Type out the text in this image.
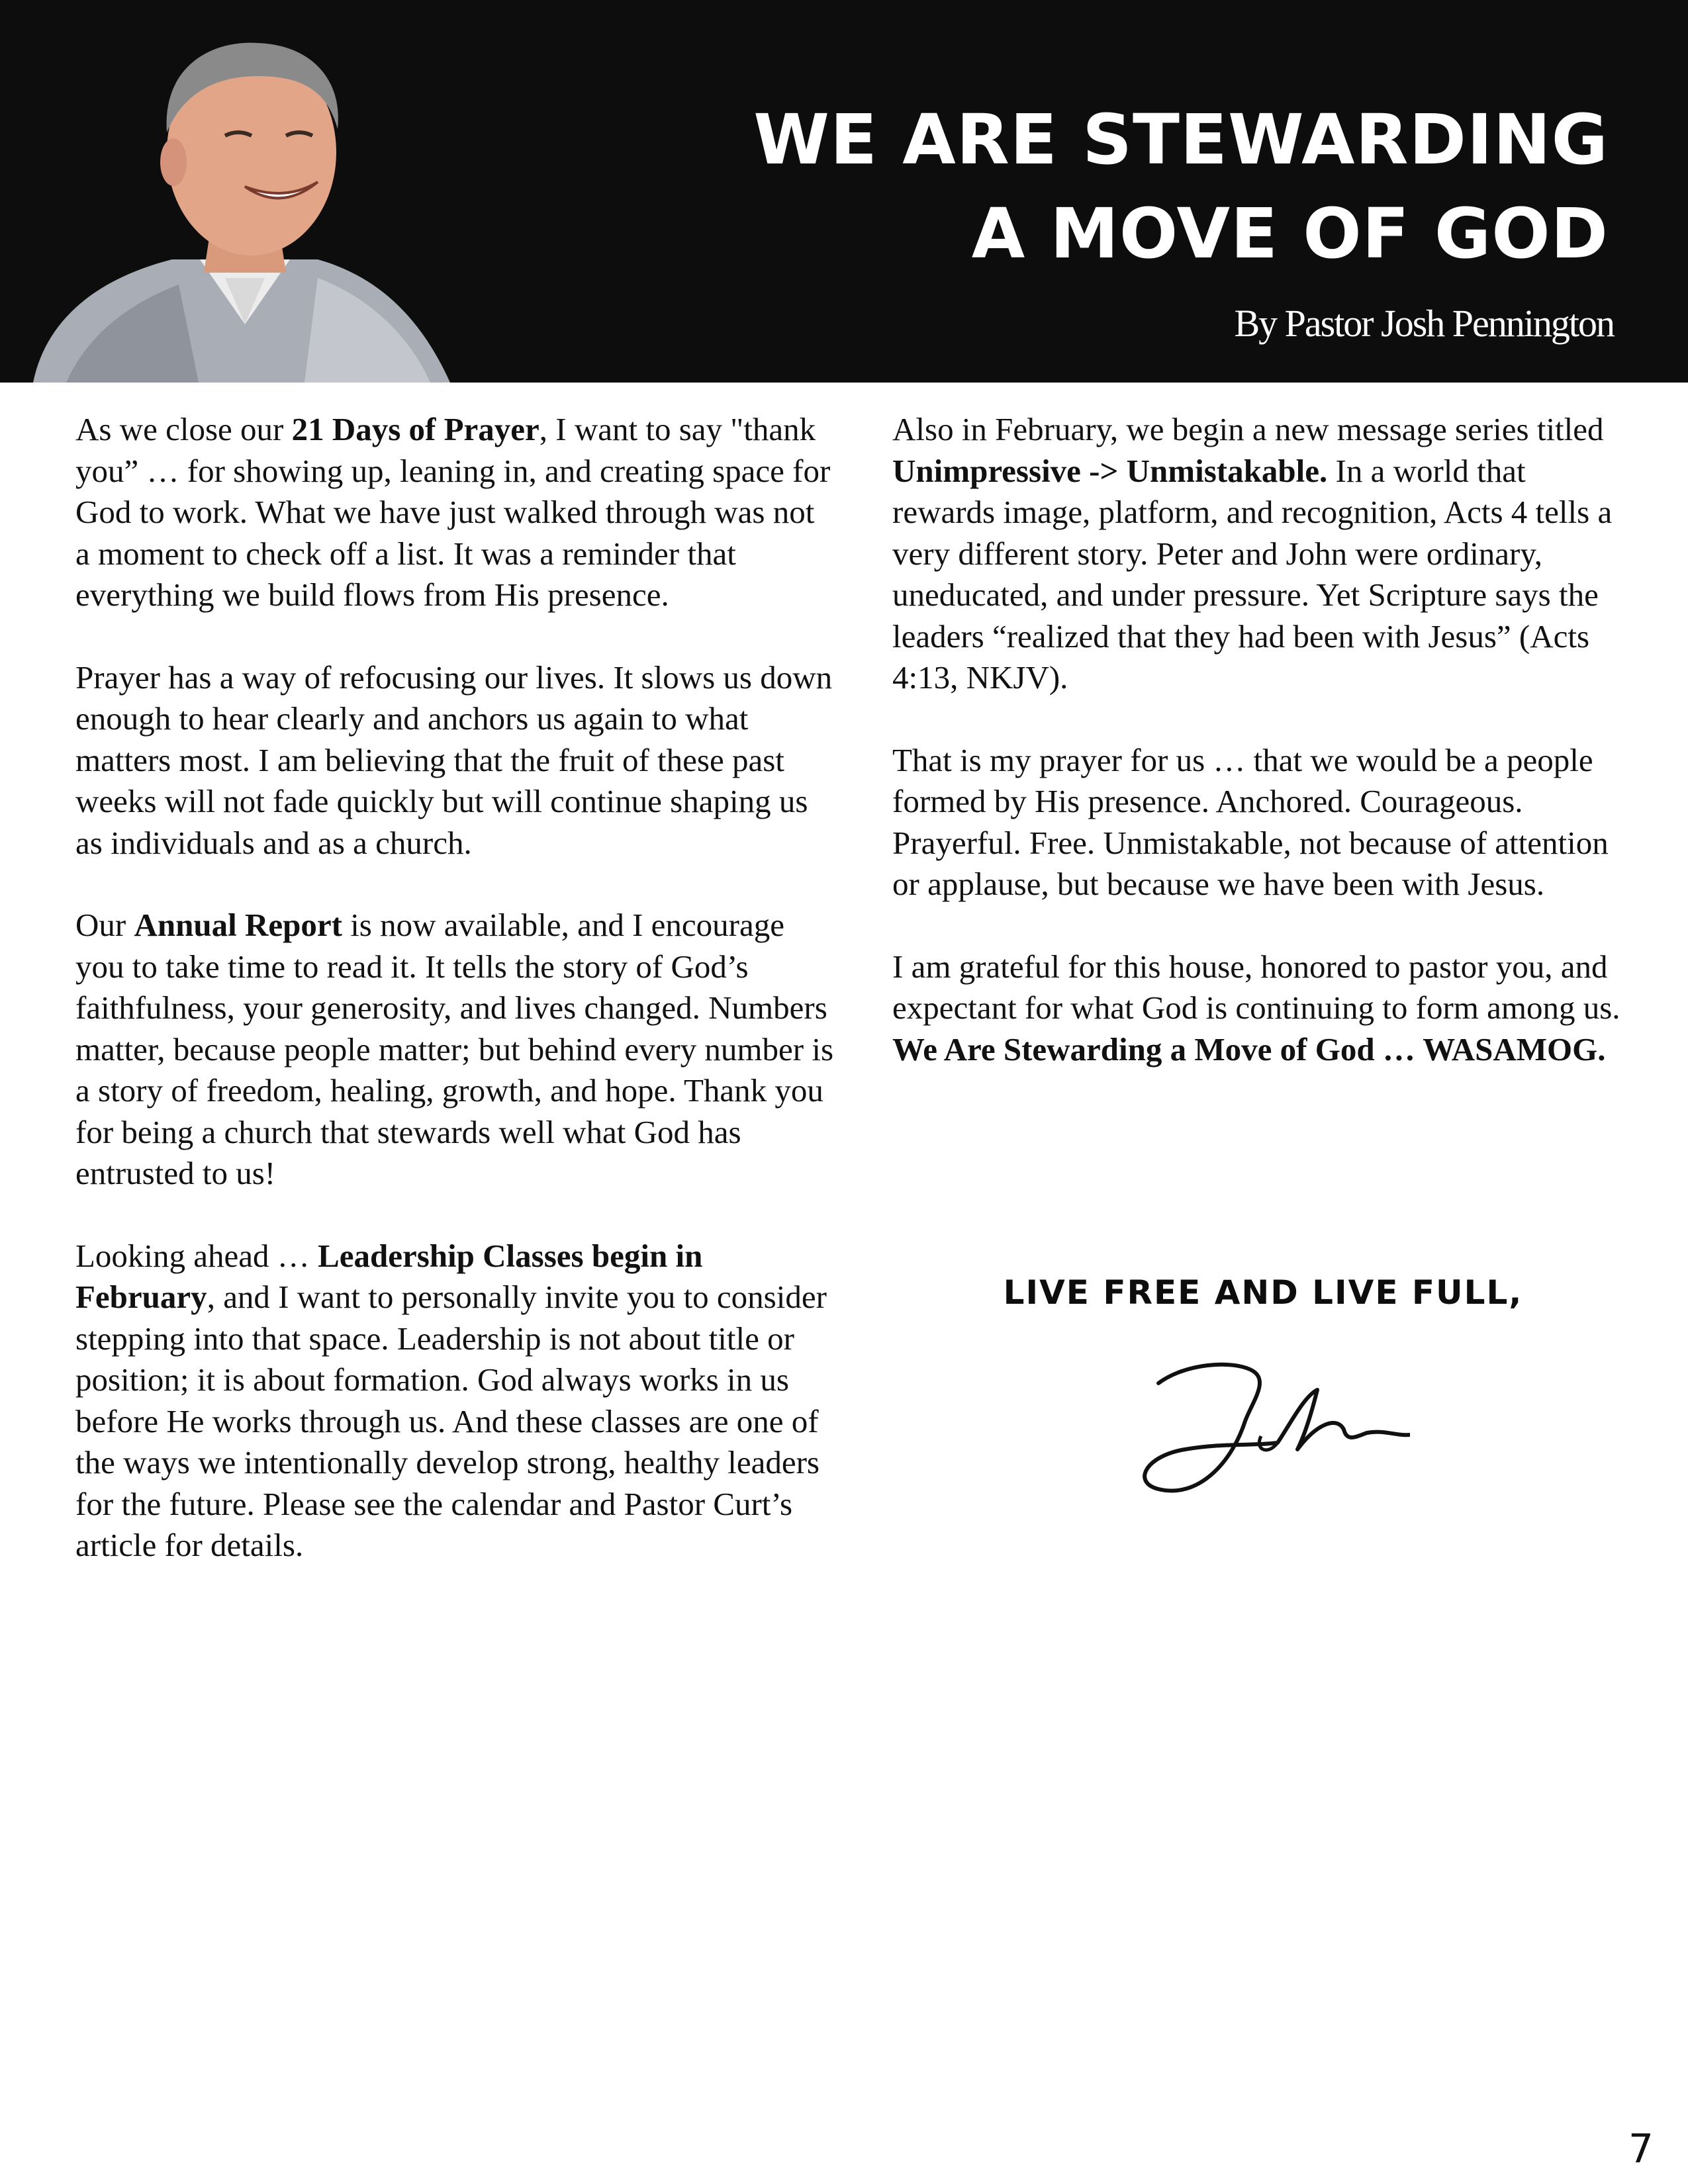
WE ARE STEWARDING
A MOVE OF GOD
By Pastor Josh Pennington

As we close our 21 Days of Prayer, I want to say "thank you” … for showing up, leaning in, and creating space for God to work. What we have just walked through was not a moment to check off a list. It was a reminder that everything we build flows from His presence.

Prayer has a way of refocusing our lives. It slows us down enough to hear clearly and anchors us again to what matters most. I am believing that the fruit of these past weeks will not fade quickly but will continue shaping us as individuals and as a church.

Our Annual Report is now available, and I encourage you to take time to read it. It tells the story of God’s faithfulness, your generosity, and lives changed. Numbers matter, because people matter; but behind every number is a story of freedom, healing, growth, and hope. Thank you for being a church that stewards well what God has entrusted to us!

Looking ahead … Leadership Classes begin in February, and I want to personally invite you to consider stepping into that space. Leadership is not about title or position; it is about formation. God always works in us before He works through us. And these classes are one of the ways we intentionally develop strong, healthy leaders for the future. Please see the calendar and Pastor Curt’s article for details.

Also in February, we begin a new message series titled Unimpressive -> Unmistakable. In a world that rewards image, platform, and recognition, Acts 4 tells a very different story. Peter and John were ordinary, uneducated, and under pressure. Yet Scripture says the leaders “realized that they had been with Jesus” (Acts 4:13, NKJV).

That is my prayer for us … that we would be a people formed by His presence. Anchored. Courageous. Prayerful. Free. Unmistakable, not because of attention or applause, but because we have been with Jesus.

I am grateful for this house, honored to pastor you, and expectant for what God is continuing to form among us. We Are Stewarding a Move of God … WASAMOG.

LIVE FREE AND LIVE FULL,
7
